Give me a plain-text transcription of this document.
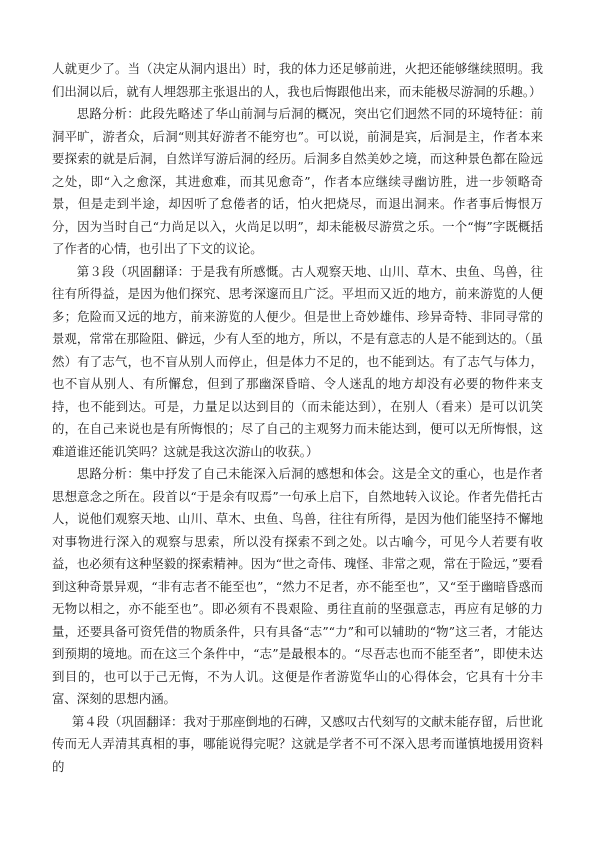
人就更少了。当（决定从洞内退出）时，我的体力还足够前进，火把还能够继续照明。我们出洞以后，就有人埋怨那主张退出的人，我也后悔跟他出来，而未能极尽游洞的乐趣。）

思路分析：此段先略述了华山前洞与后洞的概况，突出它们迥然不同的环境特征：前洞平旷，游者众，后洞“则其好游者不能穷也”。可以说，前洞是宾，后洞是主，作者本来要探索的就是后洞，自然详写游后洞的经历。后洞多自然美妙之境，而这种景色都在险远之处，即“入之愈深，其进愈难，而其见愈奇”，作者本应继续寻幽访胜，进一步领略奇景，但是走到半途，却因听了怠倦者的话，怕火把烧尽，而退出洞来。作者事后悔恨万分，因为当时自己“力尚足以入，火尚足以明”，却未能极尽游赏之乐。一个“悔”字既概括了作者的心情，也引出了下文的议论。

第３段（巩固翻译：于是我有所感慨。古人观察天地、山川、草木、虫鱼、鸟兽，往往有所得益，是因为他们探究、思考深邃而且广泛。平坦而又近的地方，前来游览的人便多；危险而又远的地方，前来游览的人便少。但是世上奇妙雄伟、珍异奇特、非同寻常的景观，常常在那险阻、僻远，少有人至的地方，所以，不是有意志的人是不能到达的。（虽然）有了志气，也不盲从别人而停止，但是体力不足的，也不能到达。有了志气与体力，也不盲从别人、有所懈怠，但到了那幽深昏暗、令人迷乱的地方却没有必要的物件来支持，也不能到达。可是，力量足以达到目的（而未能达到），在别人（看来）是可以讥笑的，在自己来说也是有所悔恨的；尽了自己的主观努力而未能达到，便可以无所悔恨，这难道谁还能讥笑吗？这就是我这次游山的收获。）

思路分析：集中抒发了自己未能深入后洞的感想和体会。这是全文的重心，也是作者思想意念之所在。段首以“于是余有叹焉”一句承上启下，自然地转入议论。作者先借托古人，说他们观察天地、山川、草木、虫鱼、鸟兽，往往有所得，是因为他们能坚持不懈地对事物进行深入的观察与思索，所以没有探索不到之处。以古喻今，可见今人若要有收益，也必须有这种坚毅的探索精神。因为“世之奇伟、瑰怪、非常之观，常在于险远，”要看到这种奇景异观，“非有志者不能至也”，“然力不足者，亦不能至也”，又“至于幽暗昏惑而无物以相之，亦不能至也”。即必须有不畏艰险、勇往直前的坚强意志，再应有足够的力量，还要具备可资凭借的物质条件，只有具备“志”“力”和可以辅助的“物”这三者，才能达到预期的境地。而在这三个条件中，“志”是最根本的。“尽吾志也而不能至者”，即使未达到目的，也可以于己无悔，不为人讥。这便是作者游览华山的心得体会，它具有十分丰富、深刻的思想内涵。

第４段（巩固翻译：我对于那座倒地的石碑，又感叹古代刻写的文献未能存留，后世讹传而无人弄清其真相的事，哪能说得完呢？这就是学者不可不深入思考而谨慎地援用资料的
